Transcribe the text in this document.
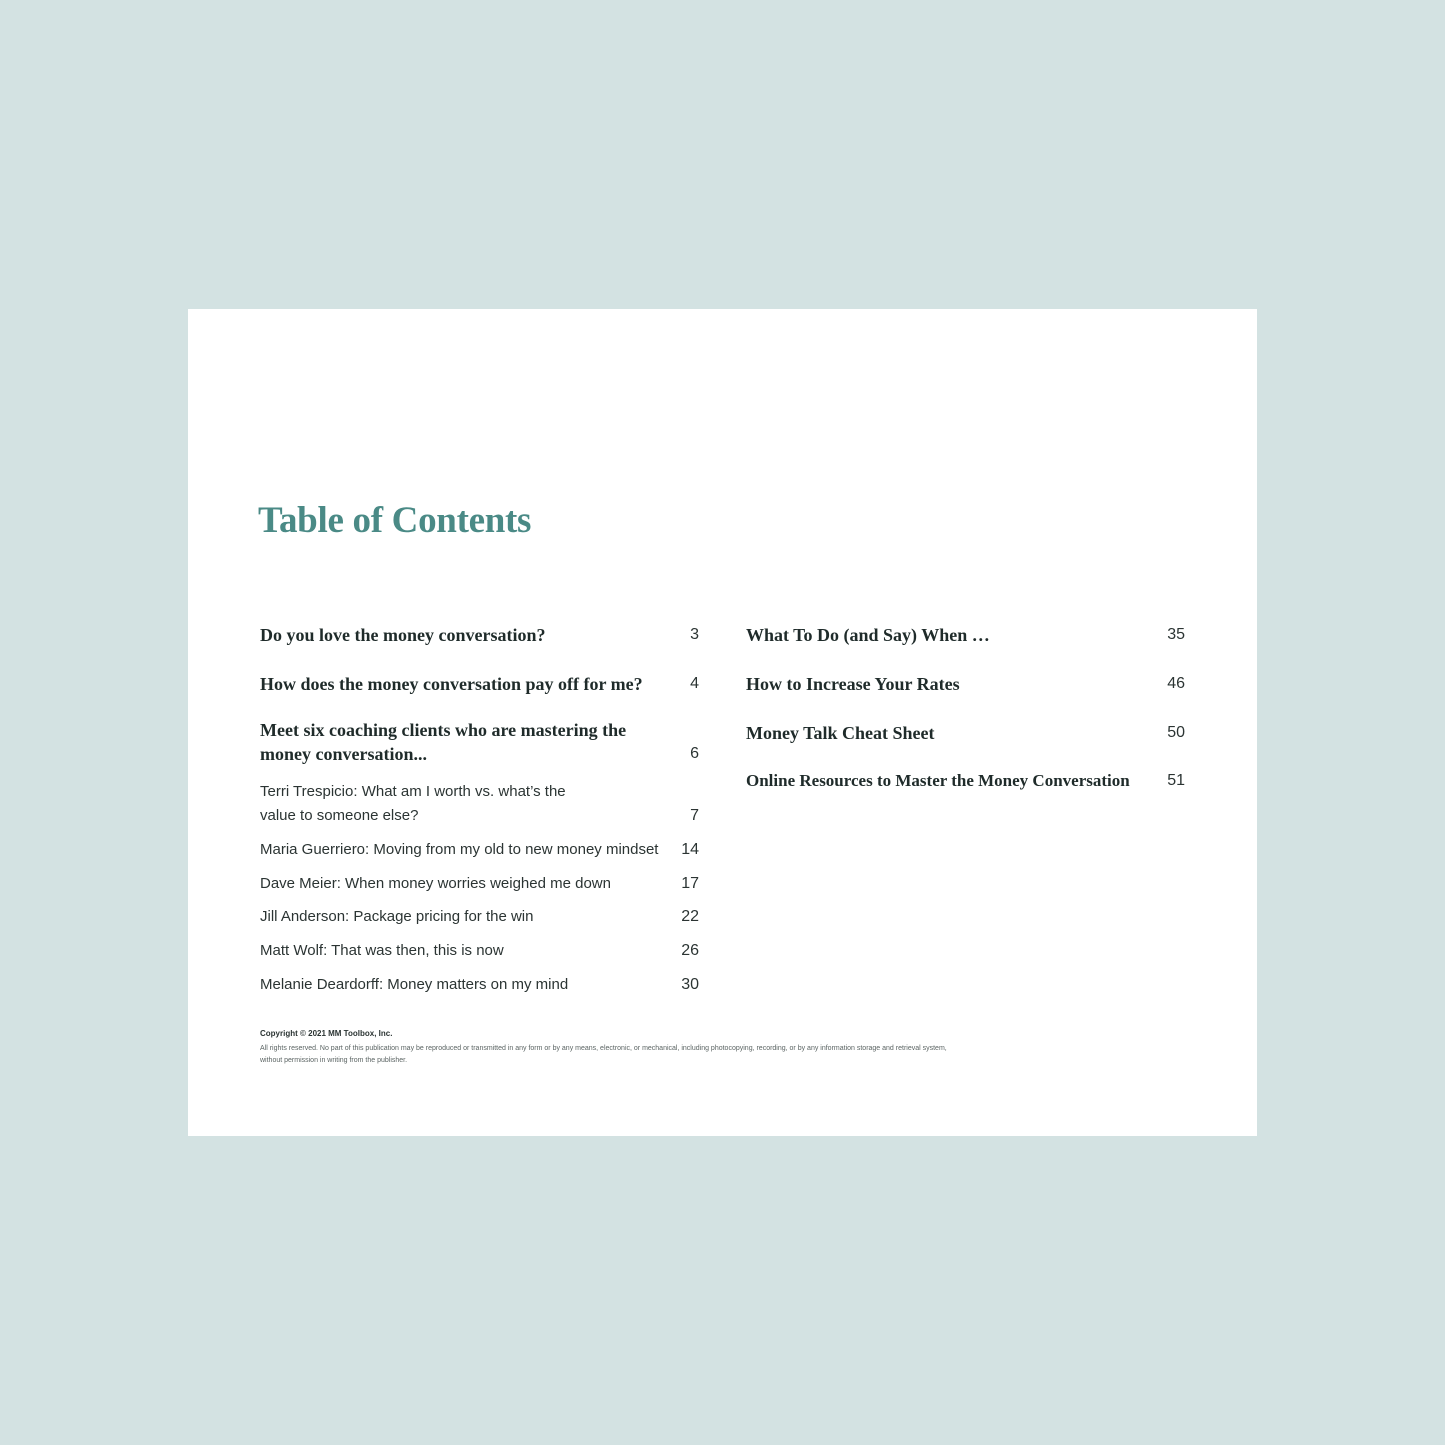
Table of Contents
Do you love the money conversation?	3
How does the money conversation pay off for me?	4
Meet six coaching clients who are mastering the money conversation...	6
Terri Trespicio: What am I worth vs. what’s the value to someone else?	7
Maria Guerriero: Moving from my old to new money mindset	14
Dave Meier: When money worries weighed me down	17
Jill Anderson: Package pricing for the win	22
Matt Wolf: That was then, this is now	26
Melanie Deardorff: Money matters on my mind	30
What To Do (and Say) When …	35
How to Increase Your Rates	46
Money Talk Cheat Sheet	50
Online Resources to Master the Money Conversation	51
Copyright © 2021 MM Toolbox, Inc.
All rights reserved. No part of this publication may be reproduced or transmitted in any form or by any means, electronic, or mechanical, including photocopying, recording, or by any information storage and retrieval system, without permission in writing from the publisher.
